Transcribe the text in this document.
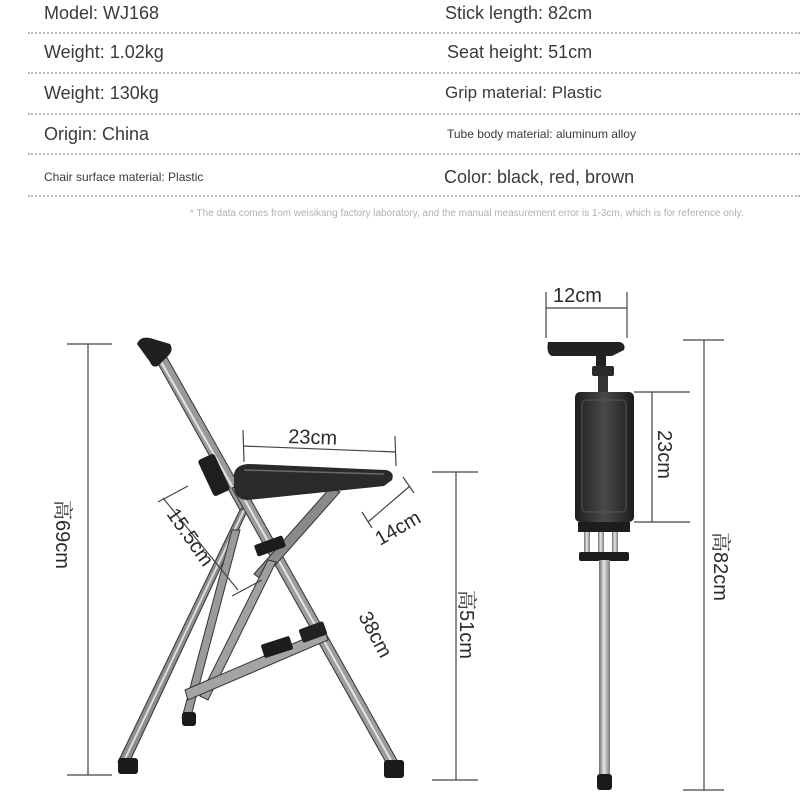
Model: WJ168	Stick length: 82cm
Weight: 1.02kg	Seat height: 51cm
Weight: 130kg	Grip material: Plastic
Origin: China	Tube body material: aluminum alloy
Chair surface material: Plastic	Color: black, red, brown
* The data comes from weisikang factory laboratory, and the manual measurement error is 1-3cm, which is for reference only.
高69cm
23cm
15.5cm	14cm
38cm	高51cm
12cm
23cm
高82cm
